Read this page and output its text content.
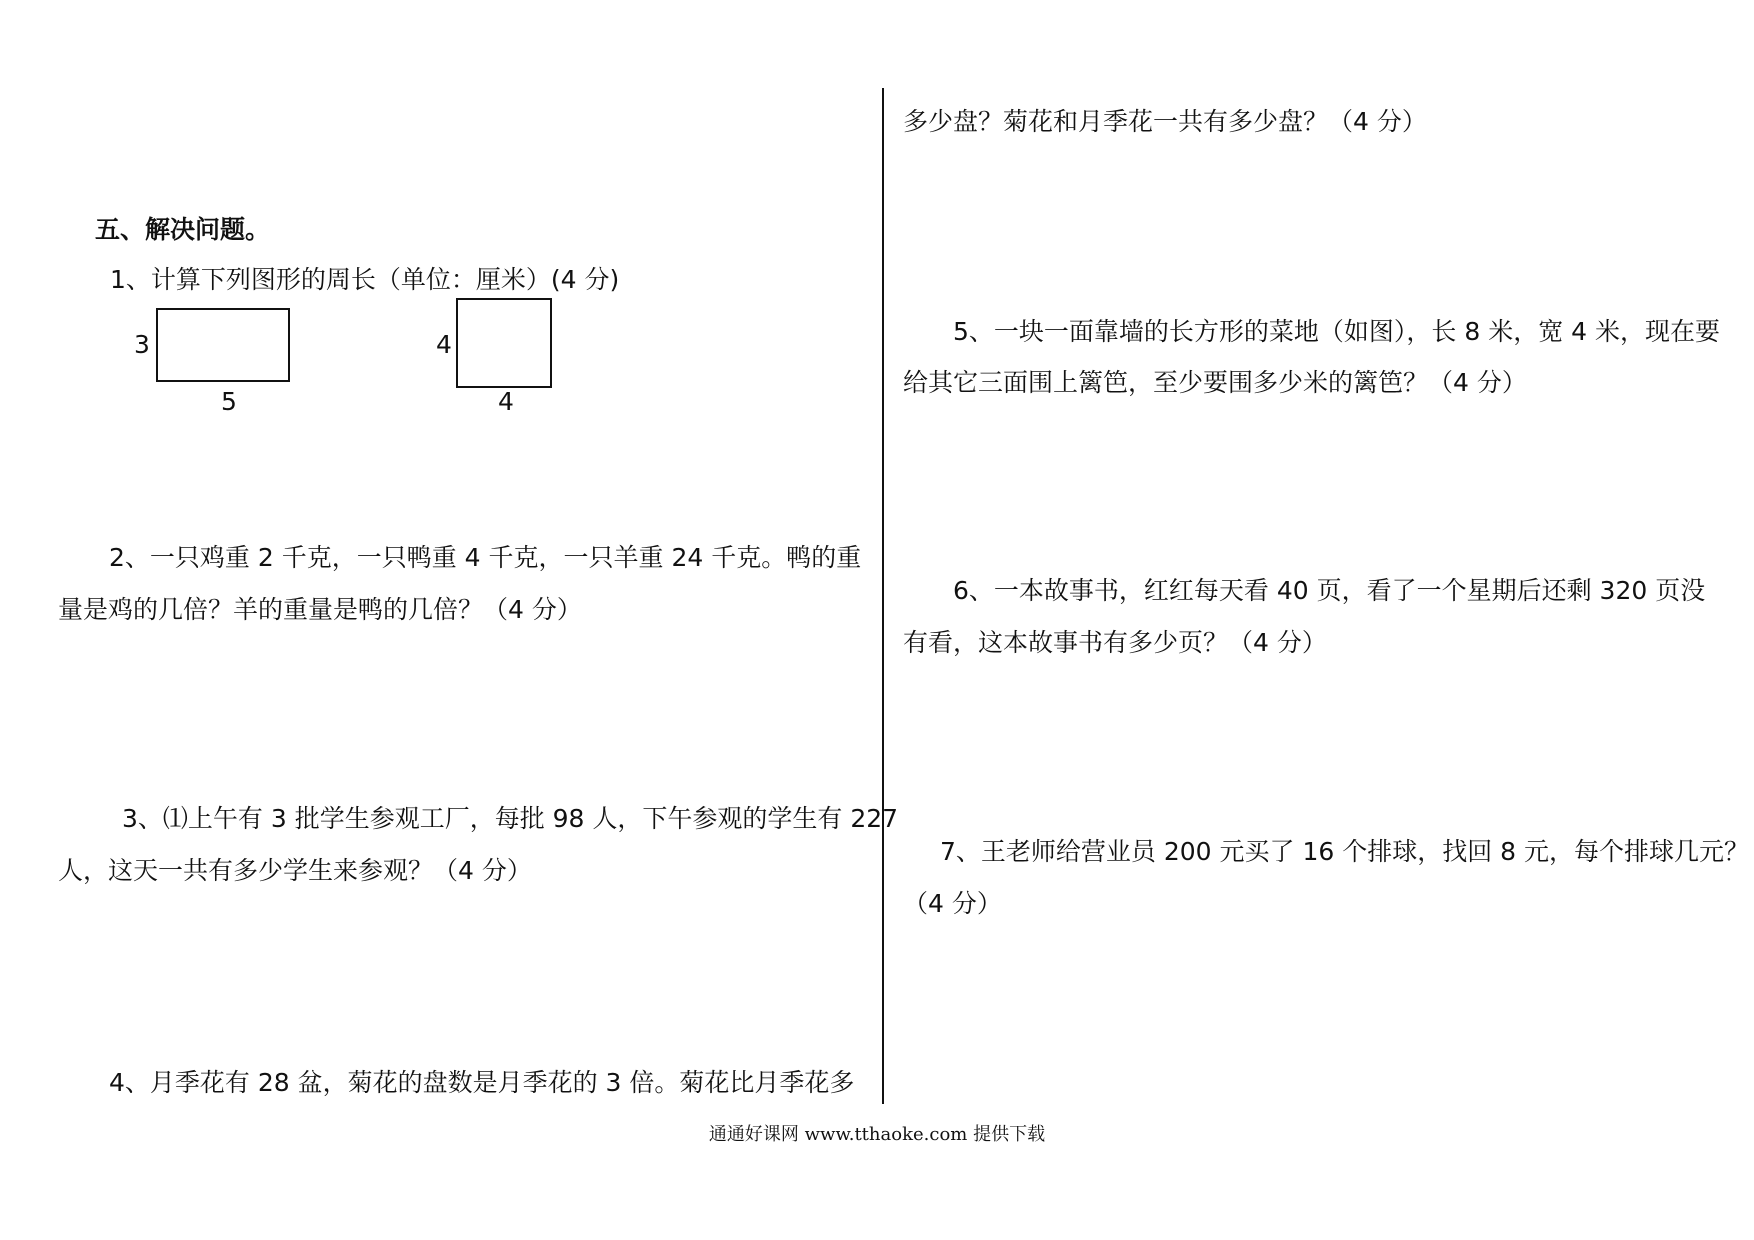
五、解决问题。
1、计算下列图形的周长（单位：厘米）(4 分)
3
5
4
4
2、一只鸡重 2 千克，一只鸭重 4 千克，一只羊重 24 千克。鸭的重
量是鸡的几倍？羊的重量是鸭的几倍？（4 分）
3、⑴上午有 3 批学生参观工厂，每批 98 人，下午参观的学生有 227
人，这天一共有多少学生来参观？（4 分）
4、月季花有 28 盆，菊花的盘数是月季花的 3 倍。菊花比月季花多
多少盘？菊花和月季花一共有多少盘？（4 分）
5、一块一面靠墙的长方形的菜地（如图），长 8 米，宽 4 米，现在要
给其它三面围上篱笆，至少要围多少米的篱笆？（4 分）
6、一本故事书，红红每天看 40 页，看了一个星期后还剩 320 页没
有看，这本故事书有多少页？（4 分）
7、王老师给营业员 200 元买了 16 个排球，找回 8 元，每个排球几元？
（4 分）
通通好课网 www.tthaoke.com 提供下载
